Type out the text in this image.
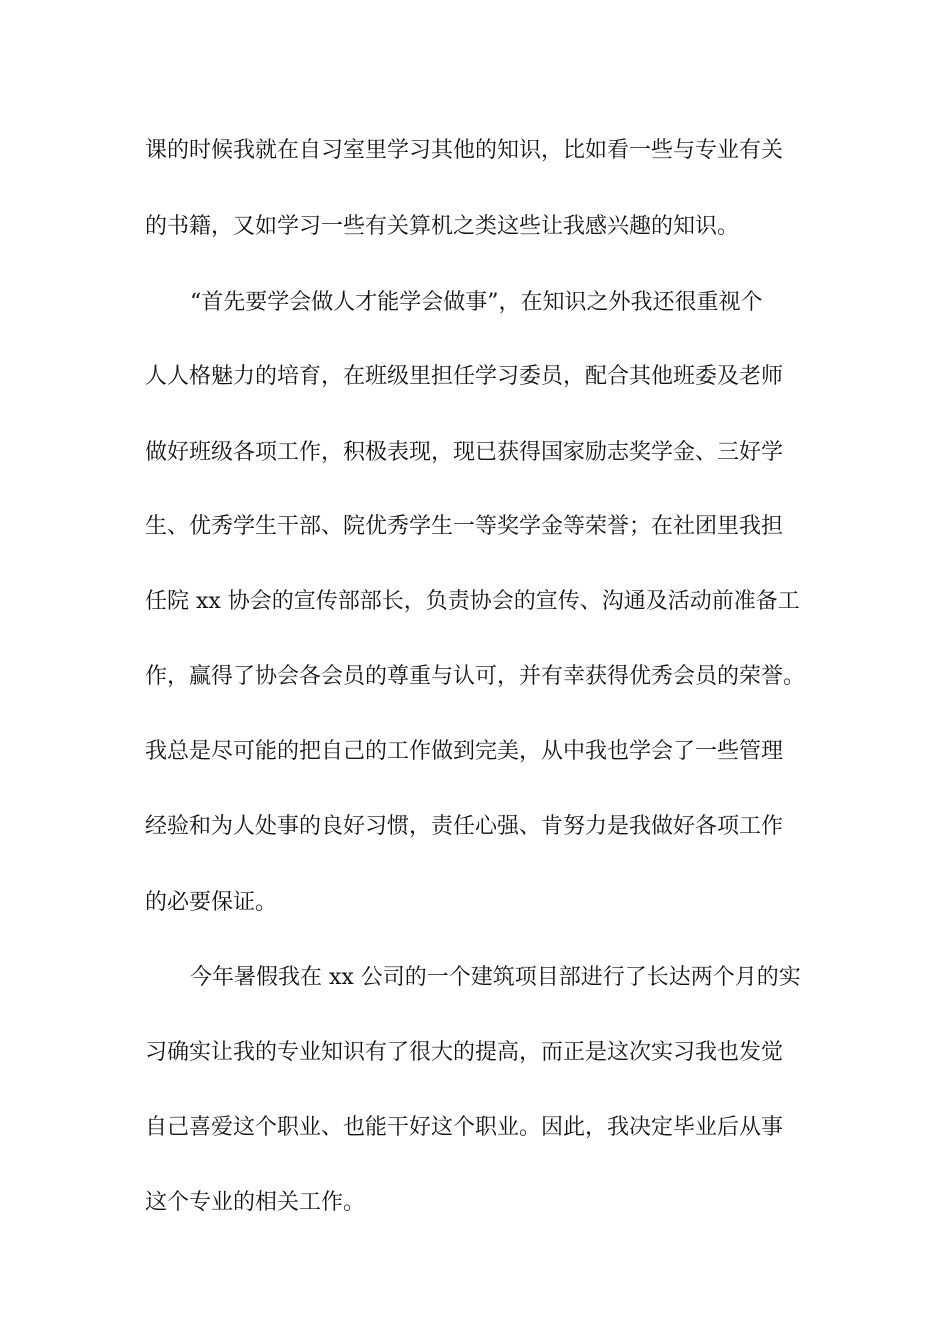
课的时候我就在自习室里学习其他的知识，比如看一些与专业有关
的书籍，又如学习一些有关算机之类这些让我感兴趣的知识。
“首先要学会做人才能学会做事”，在知识之外我还很重视个
人人格魅力的培育，在班级里担任学习委员，配合其他班委及老师
做好班级各项工作，积极表现，现已获得国家励志奖学金、三好学
生、优秀学生干部、院优秀学生一等奖学金等荣誉；在社团里我担
任院 xx 协会的宣传部部长，负责协会的宣传、沟通及活动前准备工
作，赢得了协会各会员的尊重与认可，并有幸获得优秀会员的荣誉。
我总是尽可能的把自己的工作做到完美，从中我也学会了一些管理
经验和为人处事的良好习惯，责任心强、肯努力是我做好各项工作
的必要保证。
今年暑假我在 xx 公司的一个建筑项目部进行了长达两个月的实
习确实让我的专业知识有了很大的提高，而正是这次实习我也发觉
自己喜爱这个职业、也能干好这个职业。因此，我决定毕业后从事
这个专业的相关工作。
